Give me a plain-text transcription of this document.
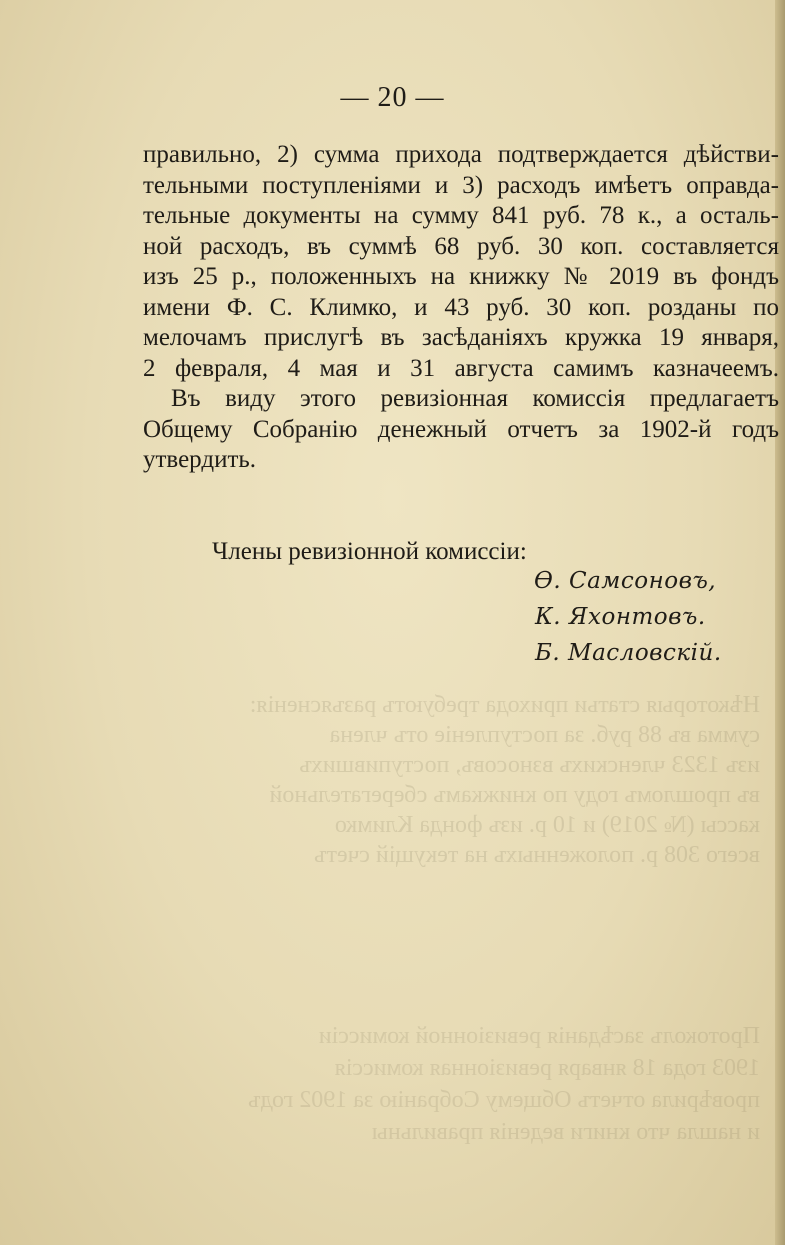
Нѣкоторыя статьи прихода требуютъ разъясненія:
сумма въ 88 руб. за поступленіе отъ члена
изъ 1323 членскихъ взносовъ, поступившихъ
въ прошломъ году по книжкамъ сберегательной
кассы (№ 2019) и 10 р. изъ фонда Климко
всего 308 р. положенныхъ на текущій счетъ
Протоколъ засѣданія ревизіонной комиссіи
1903 года 18 января ревизіонная комиссія
провѣрила отчетъ Общему Собранію за 1902 годъ
и нашла что книги веденія правильны
— 20 —
правильно, 2) сумма прихода подтверждается дѣйстви-
тельными поступленіями и 3) расходъ имѣетъ оправда-
тельные документы на сумму 841 руб. 78 к., а осталь-
ной расходъ, въ суммѣ 68 руб. 30 коп. составляется
изъ 25 р., положенныхъ на книжку № 2019 въ фондъ
имени Ф. С. Климко, и 43 руб. 30 коп. розданы по
мелочамъ прислугѣ въ засѣданіяхъ кружка 19 января,
2 февраля, 4 мая и 31 августа самимъ казначеемъ.
Въ виду этого ревизіонная комиссія предлагаетъ
Общему Собранію денежный отчетъ за 1902-й годъ
утвердить.
Члены ревизіонной комиссіи:
Ѳ. Самсоновъ,
К. Яхонтовъ.
Б. Масловскій.
